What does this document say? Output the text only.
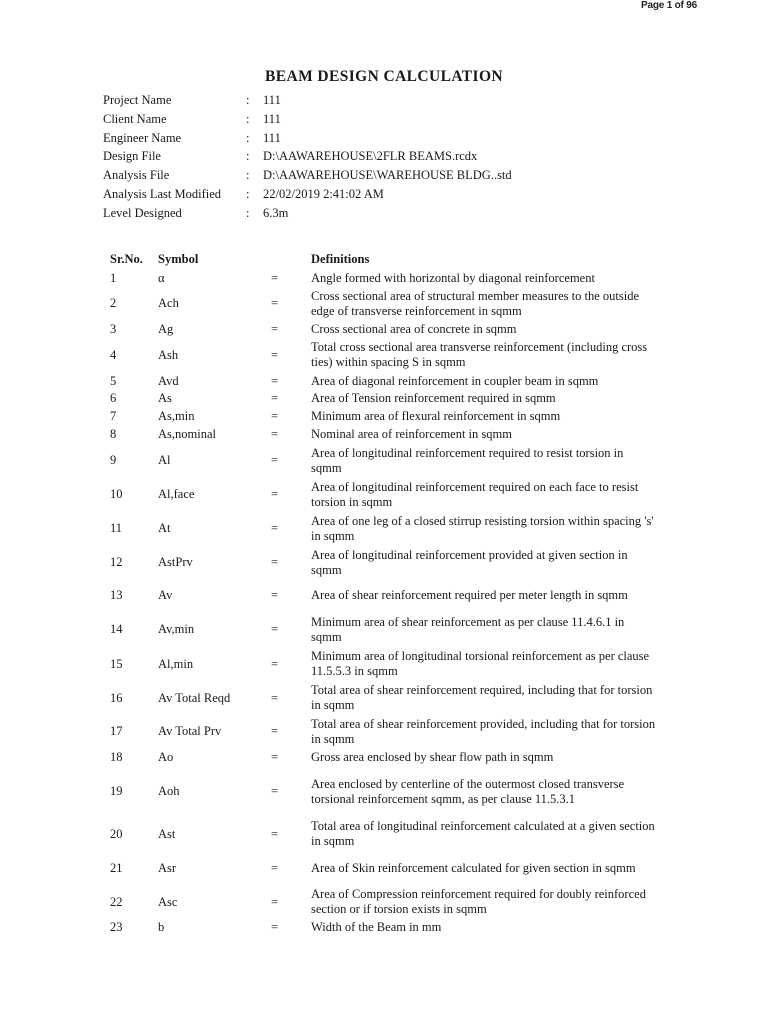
Page 1 of 96
BEAM DESIGN CALCULATION
Project Name	:	111
Client Name	:	111
Engineer Name	:	111
Design File	:	D:\AAWAREHOUSE\2FLR BEAMS.rcdx
Analysis File	:	D:\AAWAREHOUSE\WAREHOUSE BLDG..std
Analysis Last Modified	:	22/02/2019 2:41:02 AM
Level Designed	:	6.3m
Sr.No. Symbol	Definitions
1	α	=	Angle formed with horizontal by diagonal reinforcement
2	Ach	=
Cross sectional area of structural member measures to the outside edge of transverse reinforcement in sqmm
3	Ag	=	Cross sectional area of concrete in sqmm
4	Ash	=
Total cross sectional area transverse reinforcement (including cross ties) within spacing S in sqmm
5	Avd	=	Area of diagonal reinforcement in coupler beam in sqmm
6	As	=	Area of Tension reinforcement required in sqmm
7	As,min	=	Minimum area of flexural reinforcement in sqmm
8	As,nominal	=	Nominal area of reinforcement in sqmm
9	Al	=
Area of longitudinal reinforcement required to resist torsion in sqmm
10	Al,face	=
Area of longitudinal reinforcement required on each face to resist torsion in sqmm
11	At	=
Area of one leg of a closed stirrup resisting torsion within spacing 's' in sqmm
12	AstPrv	=
Area of longitudinal reinforcement provided at given section in sqmm
13	Av	=	Area of shear reinforcement required per meter length in sqmm
14	Av,min	=
Minimum area of shear reinforcement as per clause 11.4.6.1 in sqmm
15	Al,min	=
Minimum area of longitudinal torsional reinforcement as per clause 11.5.5.3 in sqmm
16	Av Total Reqd	=
Total area of shear reinforcement required, including that for torsion in sqmm
17	Av Total Prv	=
Total area of shear reinforcement provided, including that for torsion in sqmm
18	Ao	=	Gross area enclosed by shear flow path in sqmm
19	Aoh	=
Area enclosed by centerline of the outermost closed transverse torsional reinforcement sqmm, as per clause 11.5.3.1
20	Ast	=
Total area of longitudinal reinforcement calculated at a given section in sqmm
21	Asr	=	Area of Skin reinforcement calculated for given section in sqmm
22	Asc	=
Area of Compression reinforcement required for doubly reinforced section or if torsion exists in sqmm
23	b	=	Width of the Beam in mm
